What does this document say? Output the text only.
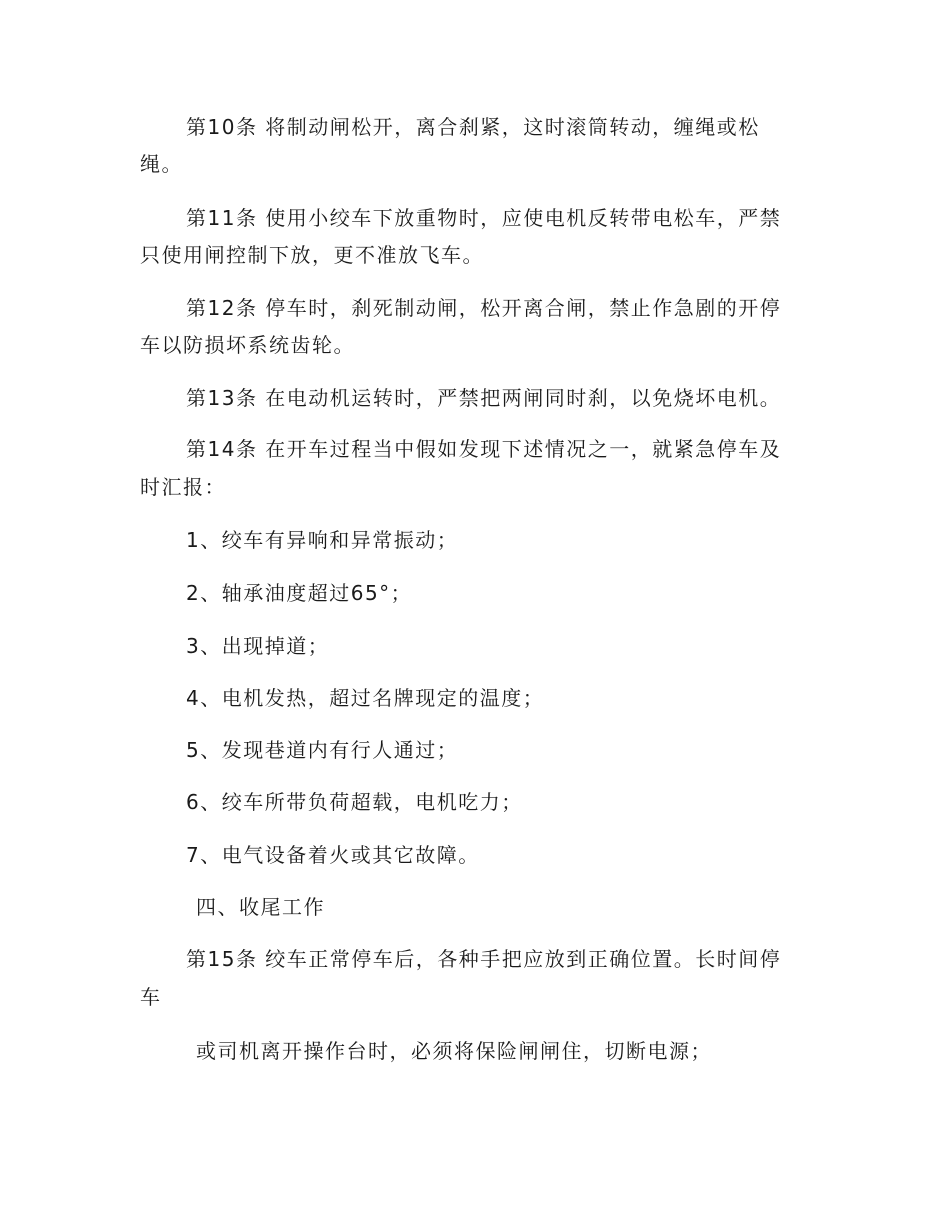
第10条 将制动闸松开，离合刹紧，这时滚筒转动，缠绳或松
绳。
第11条 使用小绞车下放重物时，应使电机反转带电松车，严禁
只使用闸控制下放，更不准放飞车。
第12条 停车时，刹死制动闸，松开离合闸，禁止作急剧的开停
车以防损坏系统齿轮。
第13条 在电动机运转时，严禁把两闸同时刹，以免烧坏电机。
第14条 在开车过程当中假如发现下述情况之一，就紧急停车及
时汇报：
1、绞车有异响和异常振动；
2、轴承油度超过65°；
3、出现掉道；
4、电机发热，超过名牌现定的温度；
5、发现巷道内有行人通过；
6、绞车所带负荷超载，电机吃力；
7、电气设备着火或其它故障。
四、收尾工作
第15条 绞车正常停车后，各种手把应放到正确位置。长时间停
车
或司机离开操作台时，必须将保险闸闸住，切断电源；
